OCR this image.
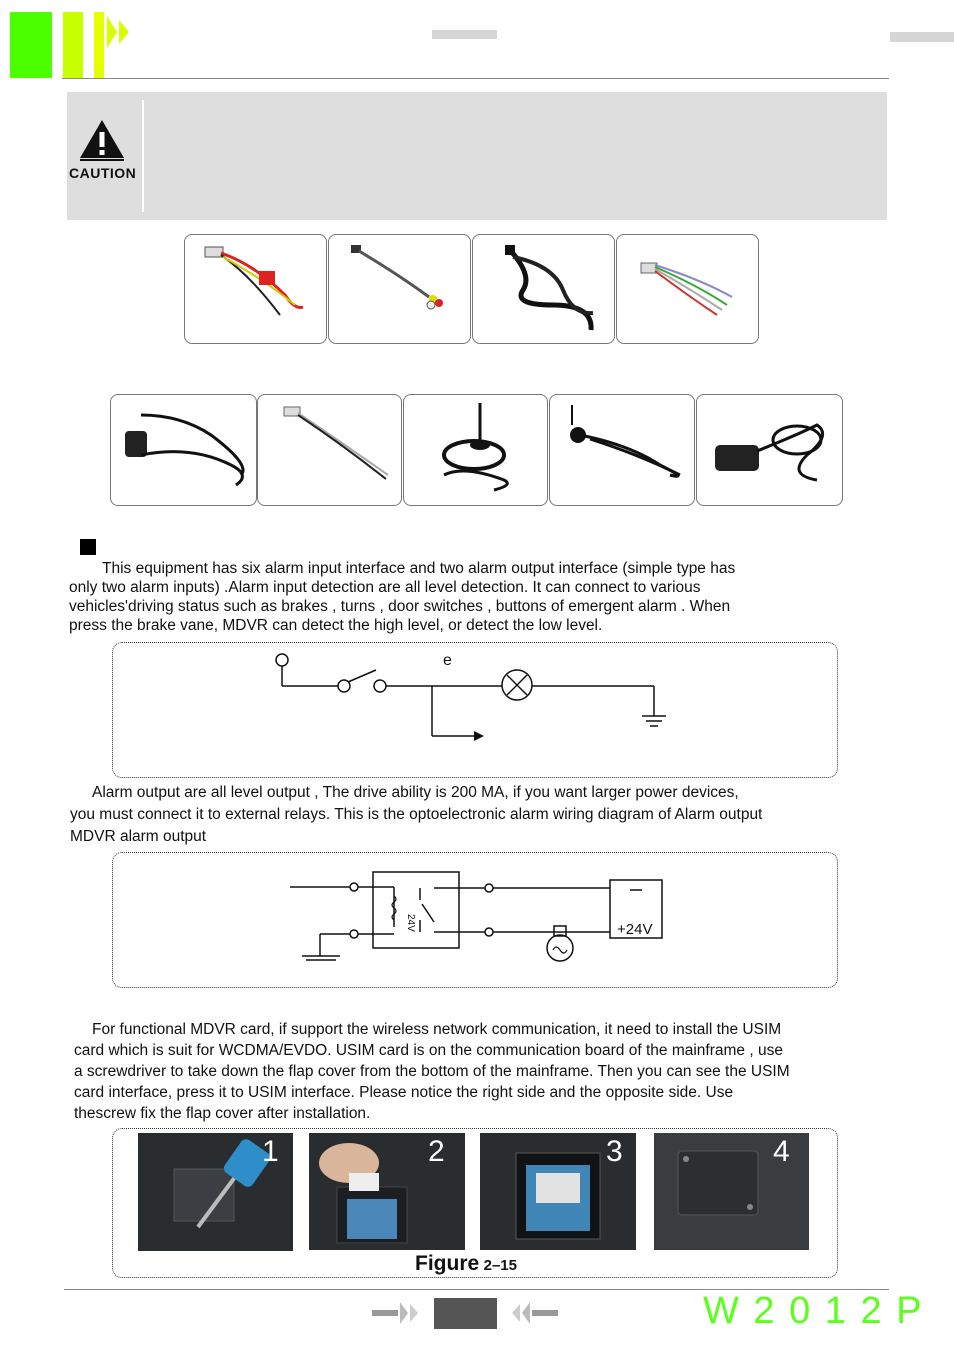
CAUTION
This equipment has six alarm input interface and two alarm output interface (simple type has
only two alarm inputs) .Alarm input detection are all level detection. It can connect to various
vehicles'driving status such as brakes , turns , door switches , buttons of emergent alarm . When
press the brake vane, MDVR can detect the high level, or detect the low level.
e
Alarm output are all level output , The drive ability is 200 MA, if you want larger power devices,
you must connect it to external relays. This is the optoelectronic alarm wiring diagram of Alarm output
MDVR alarm output
24V	+24V
For functional MDVR card, if support the wireless network communication, it need to install the USIM
card which is suit for WCDMA/EVDO. USIM card is on the communication board of the mainframe , use
a screwdriver to take down the flap cover from the bottom of the mainframe. Then you can see the USIM
card interface, press it to USIM interface. Please notice the right side and the opposite side. Use
thescrew fix the flap cover after installation.
1	2	3	4
Figure 2–15
W 2 0 1 2 P
